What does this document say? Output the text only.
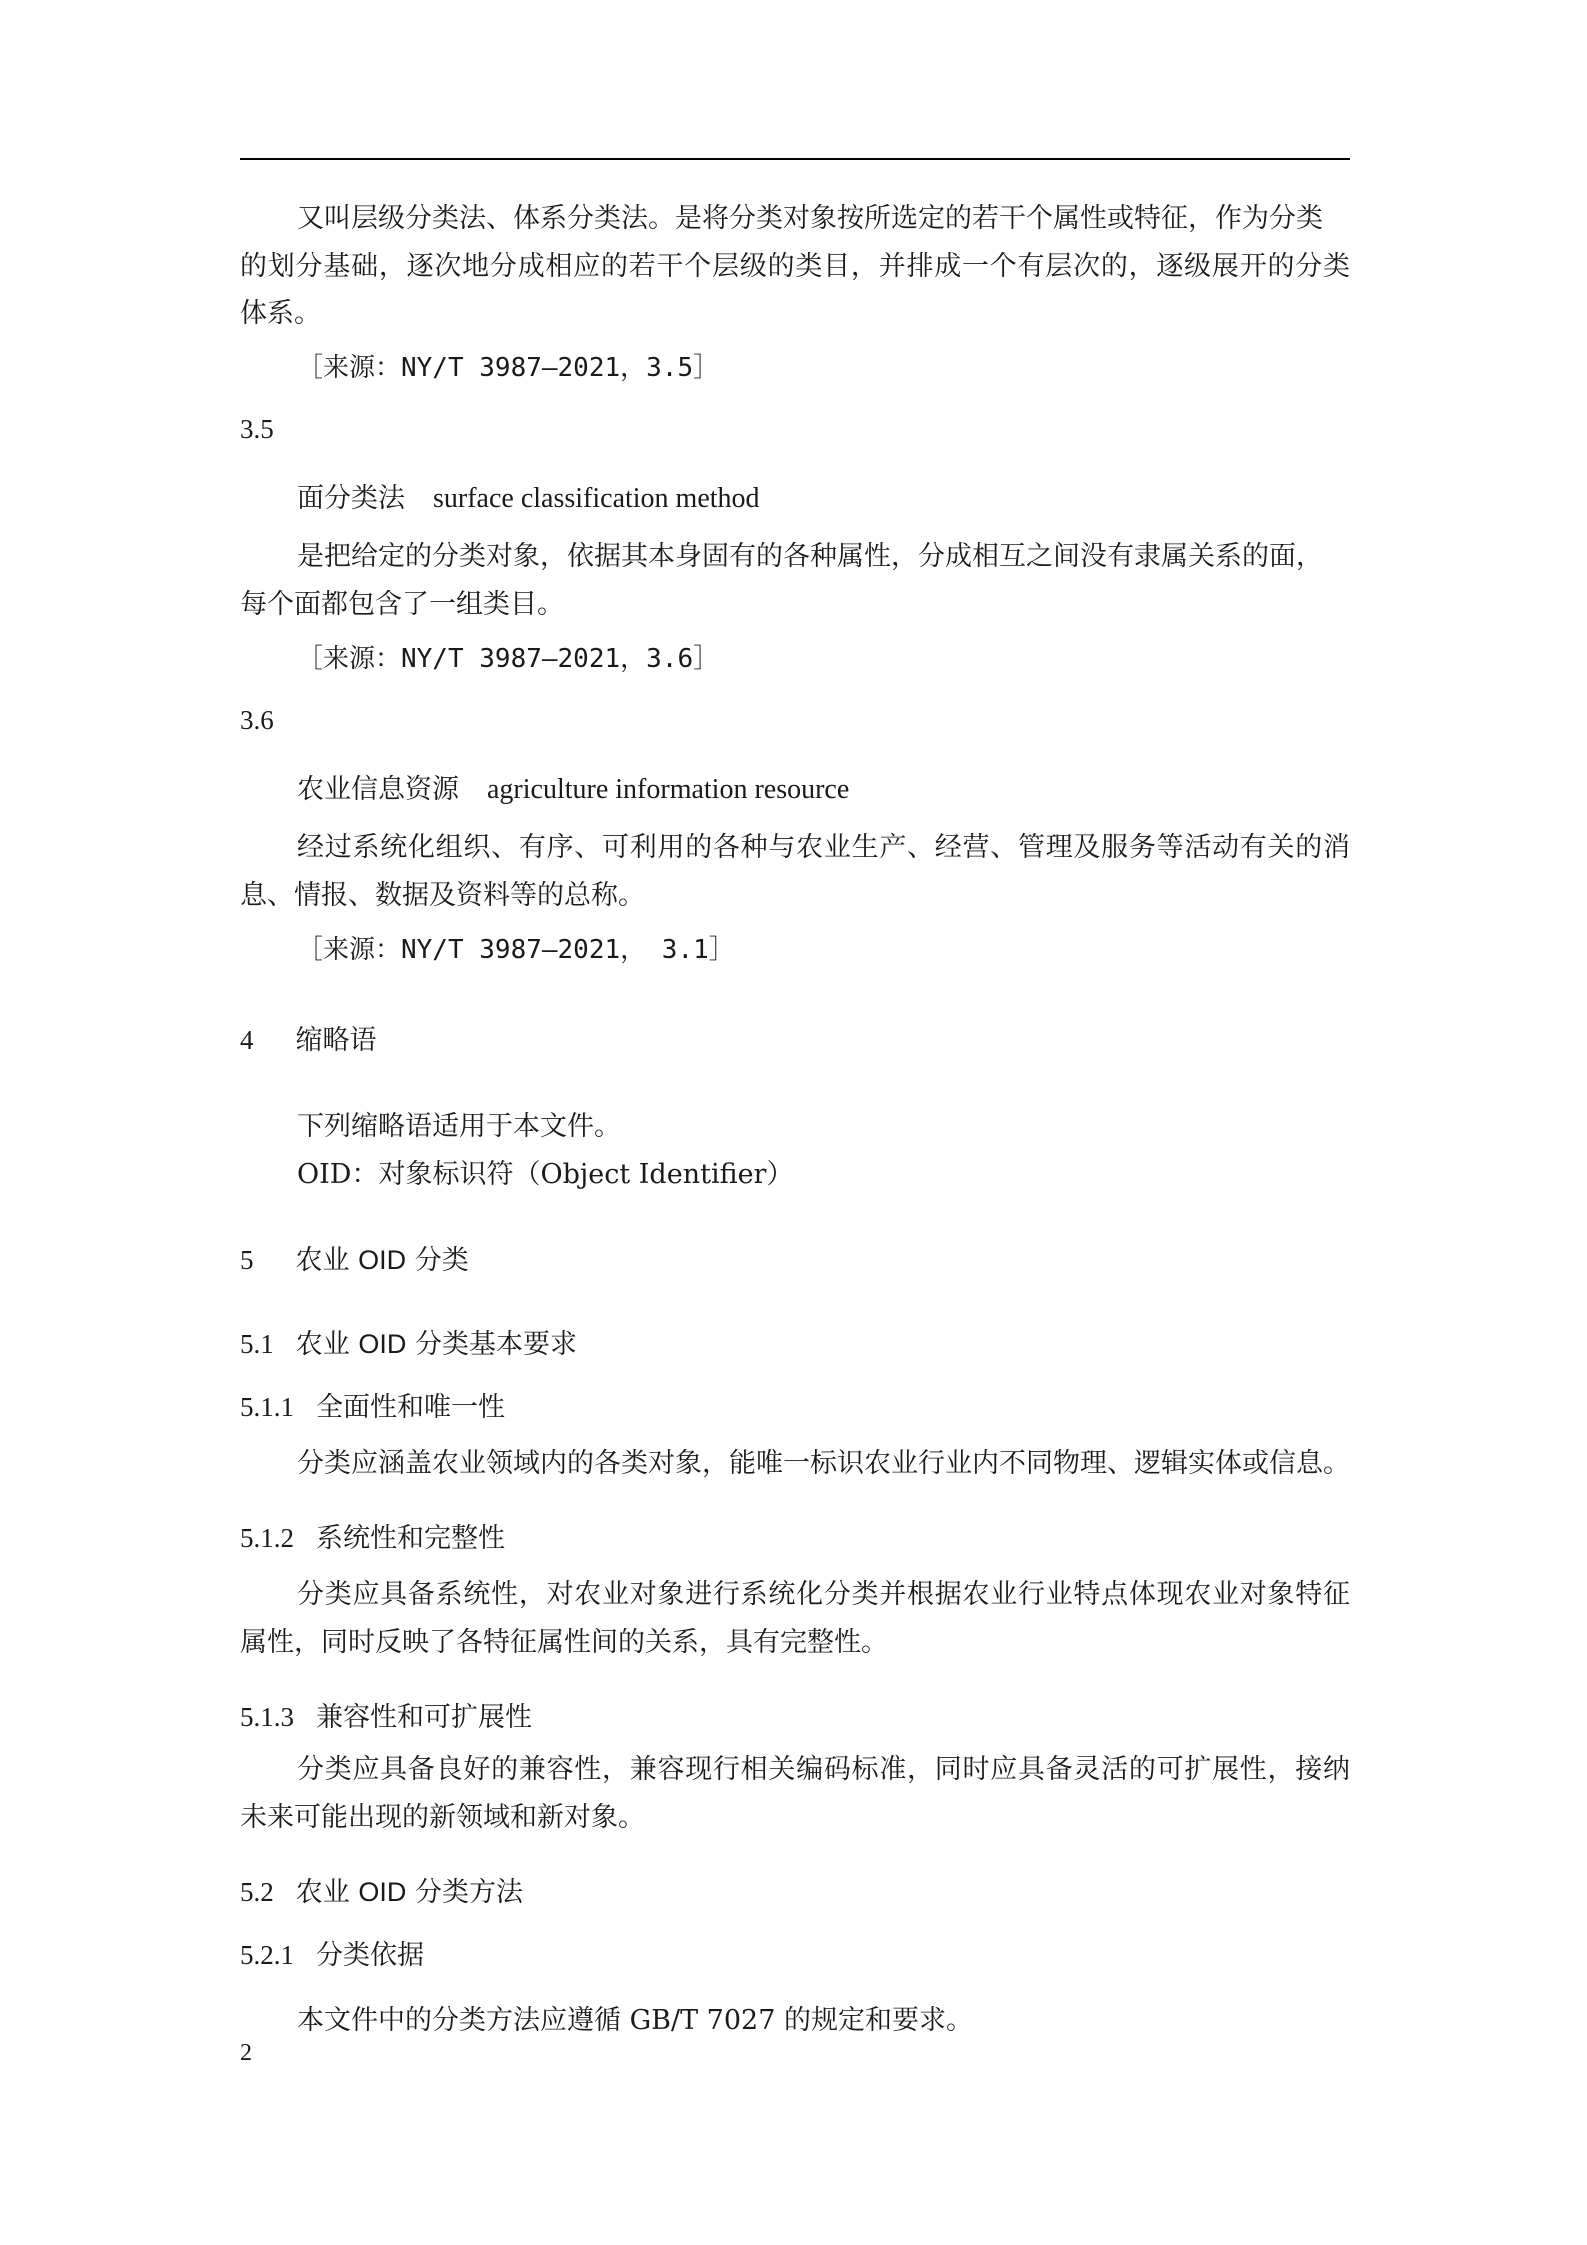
又叫层级分类法、体系分类法。是将分类对象按所选定的若干个属性或特征，作为分类
的划分基础，逐次地分成相应的若干个层级的类目，并排成一个有层次的，逐级展开的分类
体系。
［来源：NY/T 3987—2021，3.5］
3.5
面分类法 surface classification method
是把给定的分类对象，依据其本身固有的各种属性，分成相互之间没有隶属关系的面，
每个面都包含了一组类目。
［来源：NY/T 3987—2021，3.6］
3.6
农业信息资源 agriculture information resource
经过系统化组织、有序、可利用的各种与农业生产、经营、管理及服务等活动有关的消
息、情报、数据及资料等的总称。
［来源：NY/T 3987—2021， 3.1］
4 缩略语
下列缩略语适用于本文件。
OID：对象标识符（Object Identifier）
5 农业 OID 分类
5.1 农业 OID 分类基本要求
5.1.1 全面性和唯一性
分类应涵盖农业领域内的各类对象，能唯一标识农业行业内不同物理、逻辑实体或信息。
5.1.2 系统性和完整性
分类应具备系统性，对农业对象进行系统化分类并根据农业行业特点体现农业对象特征
属性，同时反映了各特征属性间的关系，具有完整性。
5.1.3 兼容性和可扩展性
分类应具备良好的兼容性，兼容现行相关编码标准，同时应具备灵活的可扩展性，接纳
未来可能出现的新领域和新对象。
5.2 农业 OID 分类方法
5.2.1 分类依据
本文件中的分类方法应遵循 GB/T 7027 的规定和要求。
2
